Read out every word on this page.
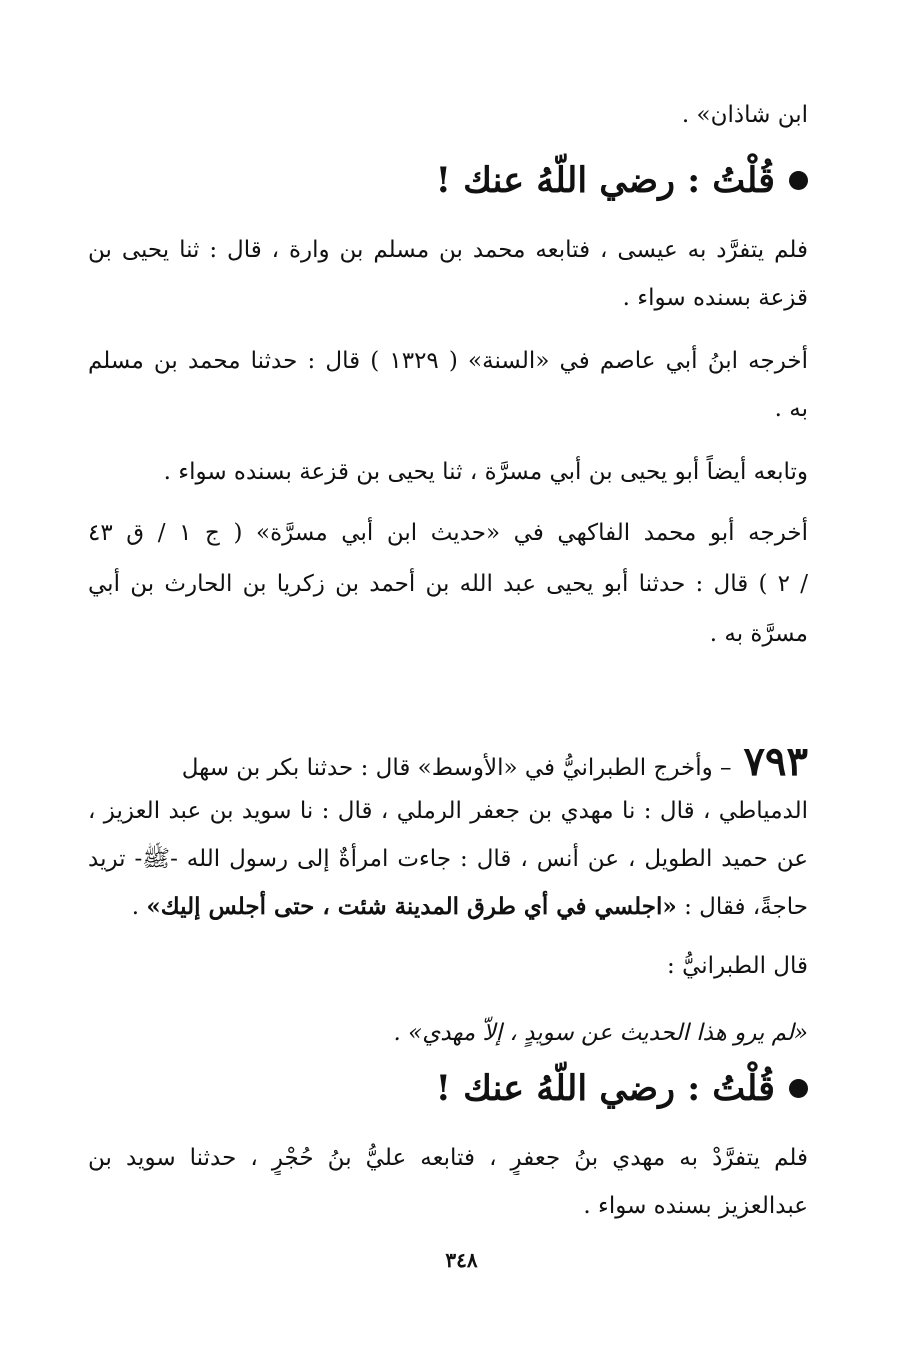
ابن شاذان» .
قُلْتُ : رضي اللّهُ عنك !
فلم يتفرَّد به عيسى ، فتابعه محمد بن مسلم بن وارة ، قال : ثنا يحيى بن
قزعة بسنده سواء .
أخرجه ابنُ أبي عاصم في «السنة» ( ١٣٢٩ ) قال : حدثنا محمد بن مسلم
به .
وتابعه أيضاً أبو يحيى بن أبي مسرَّة ، ثنا يحيى بن قزعة بسنده سواء .
أخرجه أبو محمد الفاكهي في «حديث ابن أبي مسرَّة» ( ج ١ / ق ٤٣
/ ٢ ) قال : حدثنا أبو يحيى عبد الله بن أحمد بن زكريا بن الحارث بن أبي
مسرَّة به .
٧٩٣– وأخرج الطبرانيُّ في «الأوسط» قال : حدثنا بكر بن سهل
الدمياطي ، قال : نا مهدي بن جعفر الرملي ، قال : نا سويد بن عبد العزيز ،
عن حميد الطويل ، عن أنس ، قال : جاءت امرأةٌ إلى رسول الله -ﷺ- تريد
حاجةً، فقال : «اجلسي في أي طرق المدينة شئت ، حتى أجلس إليك» .
قال الطبرانيُّ :
«لم يرو هذا الحديث عن سويدٍ ، إلاَّ مهدي» .
قُلْتُ : رضي اللّهُ عنك !
فلم يتفرَّدْ به مهدي بنُ جعفرٍ ، فتابعه عليُّ بنُ حُجْرٍ ، حدثنا سويد بن
عبدالعزيز بسنده سواء .
٣٤٨
